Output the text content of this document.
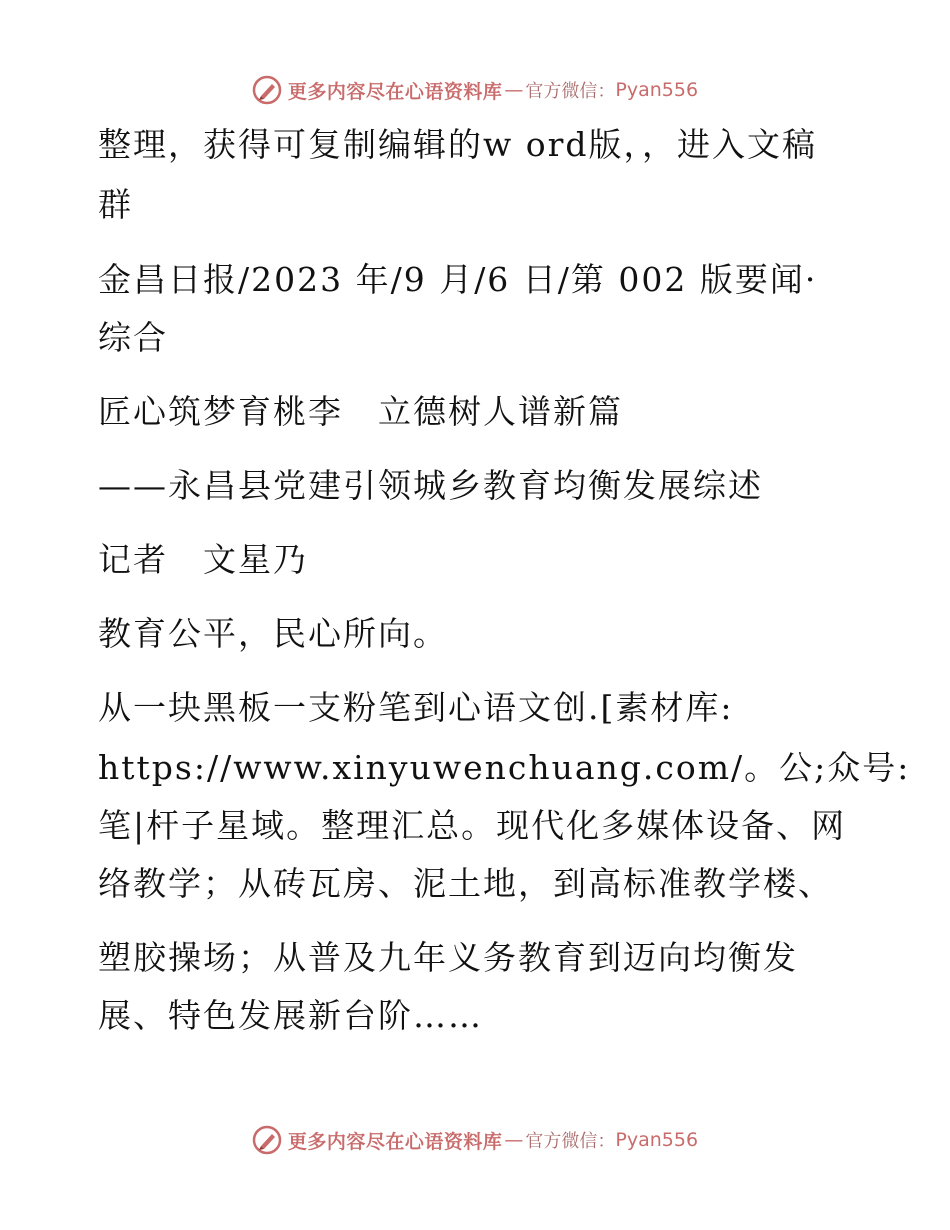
更多内容尽在心语资料库 — 官方微信： Pyan556
整理，获得可复制编辑的w ord版，，进入文稿
群
金昌日报/2023 年/9 月/6 日/第 002 版要闻·
综合
匠心筑梦育桃李　立德树人谱新篇
——永昌县党建引领城乡教育均衡发展综述
记者　文星乃
教育公平，民心所向。
从一块黑板一支粉笔到心语文创.[素材库:
https://www.xinyuwenchuang.com/。公;众号:
笔|杆子星域。整理汇总。现代化多媒体设备、网
络教学；从砖瓦房、泥土地，到高标准教学楼、
塑胶操场；从普及九年义务教育到迈向均衡发
展、特色发展新台阶……
更多内容尽在心语资料库 — 官方微信： Pyan556
